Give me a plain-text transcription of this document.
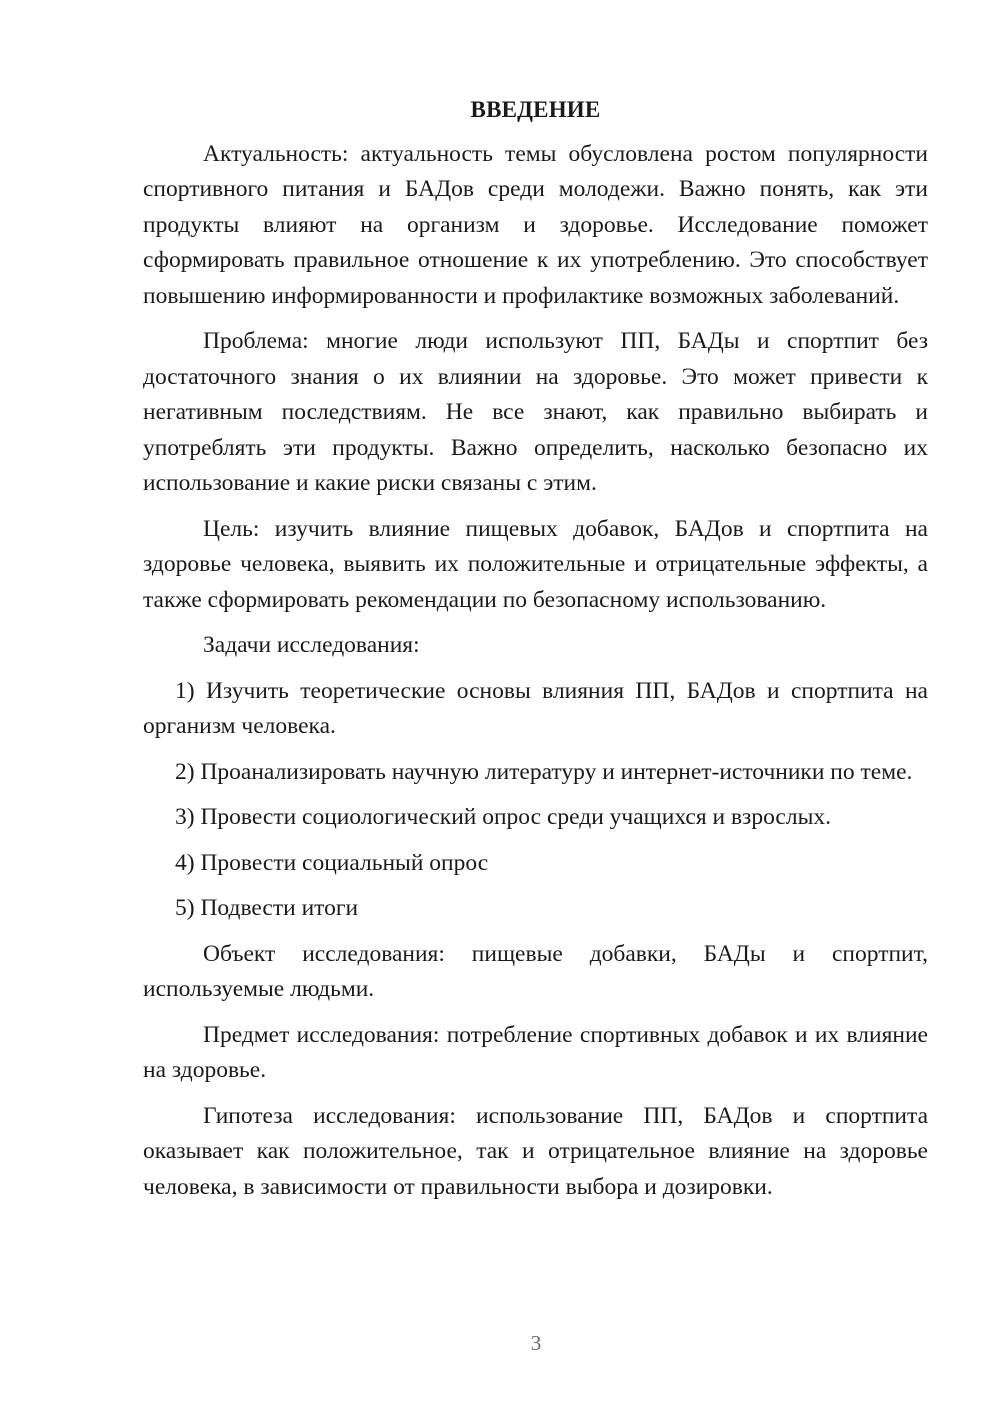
ВВЕДЕНИЕ

Актуальность: актуальность темы обусловлена ростом популярности спортивного питания и БАДов среди молодежи. Важно понять, как эти продукты влияют на организм и здоровье. Исследование поможет сформировать правильное отношение к их употреблению. Это способствует повышению информированности и профилактике возможных заболеваний.

Проблема: многие люди используют ПП, БАДы и спортпит без достаточного знания о их влиянии на здоровье. Это может привести к негативным последствиям. Не все знают, как правильно выбирать и употреблять эти продукты. Важно определить, насколько безопасно их использование и какие риски связаны с этим.

Цель: изучить влияние пищевых добавок, БАДов и спортпита на здоровье человека, выявить их положительные и отрицательные эффекты, а также сформировать рекомендации по безопасному использованию.

Задачи исследования:

1) Изучить теоретические основы влияния ПП, БАДов и спортпита на организм человека.

2) Проанализировать научную литературу и интернет-источники по теме.

3) Провести социологический опрос среди учащихся и взрослых.

4) Провести социальный опрос

5) Подвести итоги

Объект исследования: пищевые добавки, БАДы и спортпит, используемые людьми.

Предмет исследования: потребление спортивных добавок и их влияние на здоровье.

Гипотеза исследования: использование ПП, БАДов и спортпита оказывает как положительное, так и отрицательное влияние на здоровье человека, в зависимости от правильности выбора и дозировки.

3
